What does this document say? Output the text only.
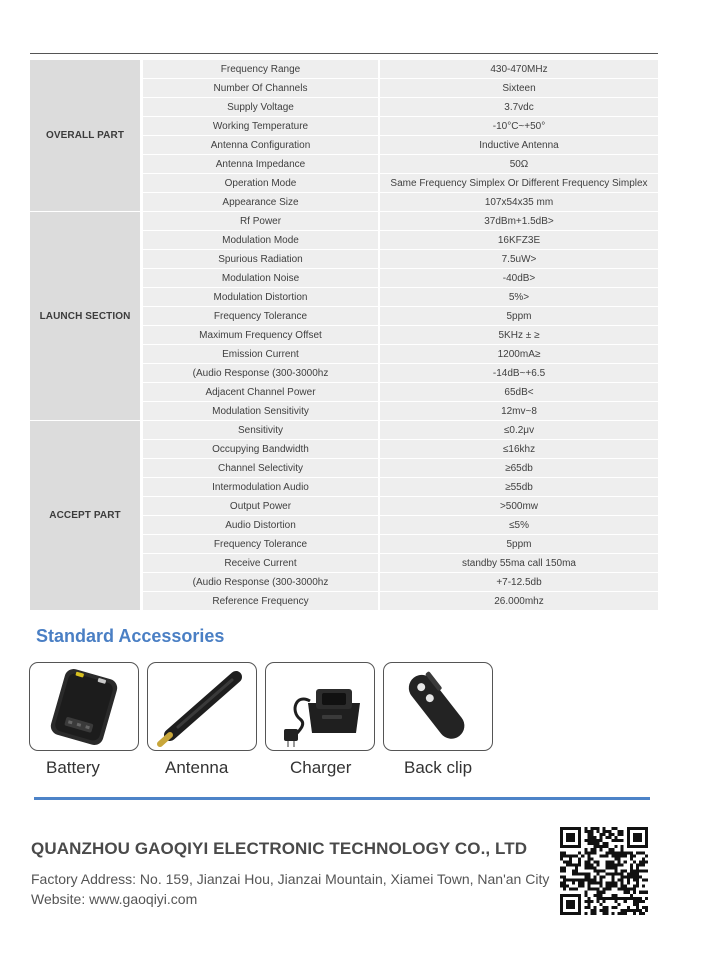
OVERALL PART
Frequency Range	430-470MHz
Number Of Channels	Sixteen
Supply Voltage	3.7vdc
Working Temperature	-10°C~+50°
Antenna Configuration	Inductive Antenna
Antenna Impedance	50Ω
Operation Mode	Same Frequency Simplex Or Different Frequency Simplex
Appearance Size	107x54x35 mm
LAUNCH SECTION
Rf Power	37dBm+1.5dB>
Modulation Mode	16KFZ3E
Spurious Radiation	7.5uW>
Modulation Noise	-40dB>
Modulation Distortion	5%>
Frequency Tolerance	5ppm
Maximum Frequency Offset	5KHz ± ≥
Emission Current	1200mA≥
(Audio Response (300-3000hz	-14dB~+6.5
Adjacent Channel Power	65dB<
Modulation Sensitivity	12mv~8
ACCEPT PART
Sensitivity	≤0.2μv
Occupying Bandwidth	≤16khz
Channel Selectivity	≥65db
Intermodulation Audio	≥55db
Output Power	>500mw
Audio Distortion	≤5%
Frequency Tolerance	5ppm
Receive Current	standby 55ma call 150ma
(Audio Response (300-3000hz	+7-12.5db
Reference Frequency	26.000mhz
Standard Accessories
Battery	Antenna	Charger	Back clip
QUANZHOU GAOQIYI ELECTRONIC TECHNOLOGY CO., LTD
Factory Address: No. 159, Jianzai Hou, Jianzai Mountain, Xiamei Town, Nan'an City
Website: www.gaoqiyi.com
